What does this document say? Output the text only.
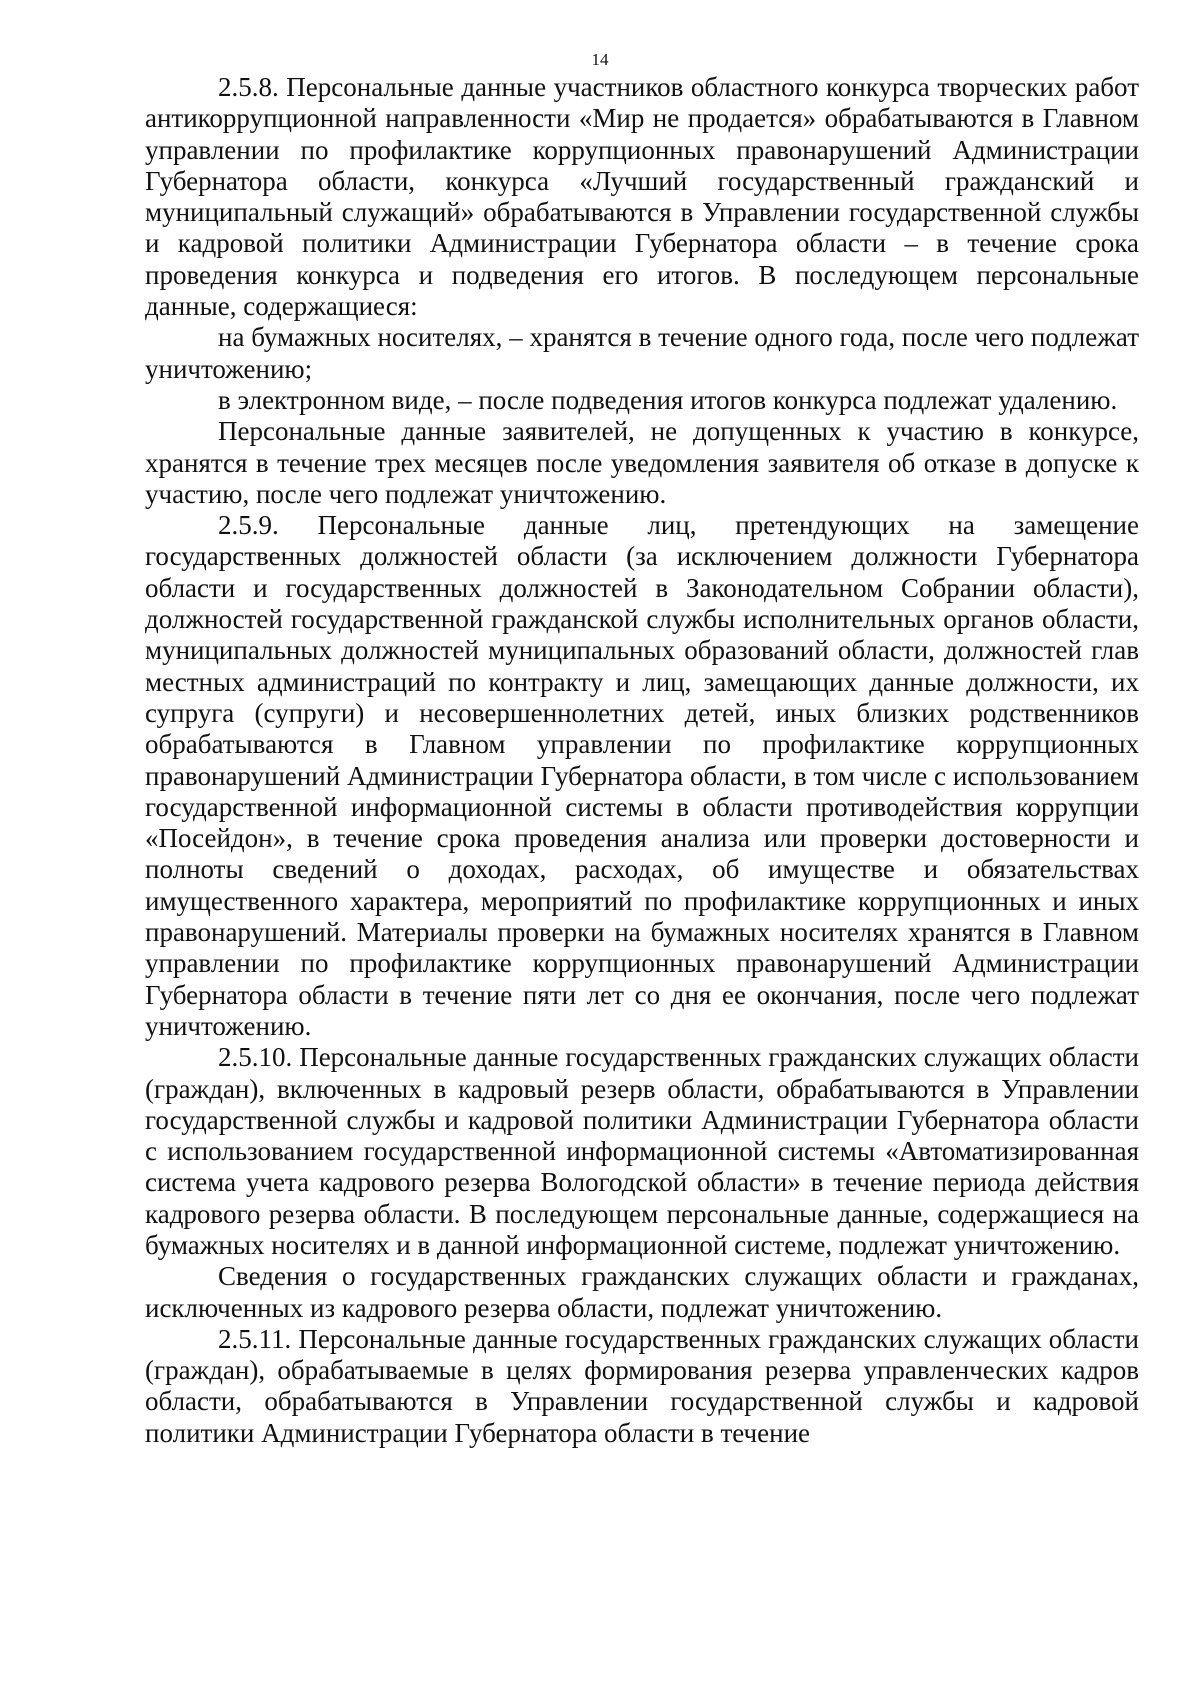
14

2.5.8. Персональные данные участников областного конкурса творческих работ антикоррупционной направленности «Мир не продается» обрабатываются в Главном управлении по профилактике коррупционных правонарушений Администрации Губернатора области, конкурса «Лучший государственный гражданский и муниципальный служащий» обрабатываются в Управлении государственной службы и кадровой политики Администрации Губернатора области – в течение срока проведения конкурса и подведения его итогов. В последующем персональные данные, содержащиеся:

на бумажных носителях, – хранятся в течение одного года, после чего подлежат уничтожению;

в электронном виде, – после подведения итогов конкурса подлежат удалению.

Персональные данные заявителей, не допущенных к участию в конкурсе, хранятся в течение трех месяцев после уведомления заявителя об отказе в допуске к участию, после чего подлежат уничтожению.

2.5.9. Персональные данные лиц, претендующих на замещение государственных должностей области (за исключением должности Губернатора области и государственных должностей в Законодательном Собрании области), должностей государственной гражданской службы исполнительных органов области, муниципальных должностей муниципальных образований области, должностей глав местных администраций по контракту и лиц, замещающих данные должности, их супруга (супруги) и несовершеннолетних детей, иных близких родственников обрабатываются в Главном управлении по профилактике коррупционных правонарушений Администрации Губернатора области, в том числе с использованием государственной информационной системы в области противодействия коррупции «Посейдон», в течение срока проведения анализа или проверки достоверности и полноты сведений о доходах, расходах, об имуществе и обязательствах имущественного характера, мероприятий по профилактике коррупционных и иных правонарушений. Материалы проверки на бумажных носителях хранятся в Главном управлении по профилактике коррупционных правонарушений Администрации Губернатора области в течение пяти лет со дня ее окончания, после чего подлежат уничтожению.

2.5.10. Персональные данные государственных гражданских служащих области (граждан), включенных в кадровый резерв области, обрабатываются в Управлении государственной службы и кадровой политики Администрации Губернатора области с использованием государственной информационной системы «Автоматизированная система учета кадрового резерва Вологодской области» в течение периода действия кадрового резерва области. В последующем персональные данные, содержащиеся на бумажных носителях и в данной информационной системе, подлежат уничтожению.

Сведения о государственных гражданских служащих области и гражданах, исключенных из кадрового резерва области, подлежат уничтожению.

2.5.11. Персональные данные государственных гражданских служащих области (граждан), обрабатываемые в целях формирования резерва управленческих кадров области, обрабатываются в Управлении государственной службы и кадровой политики Администрации Губернатора области в течение
